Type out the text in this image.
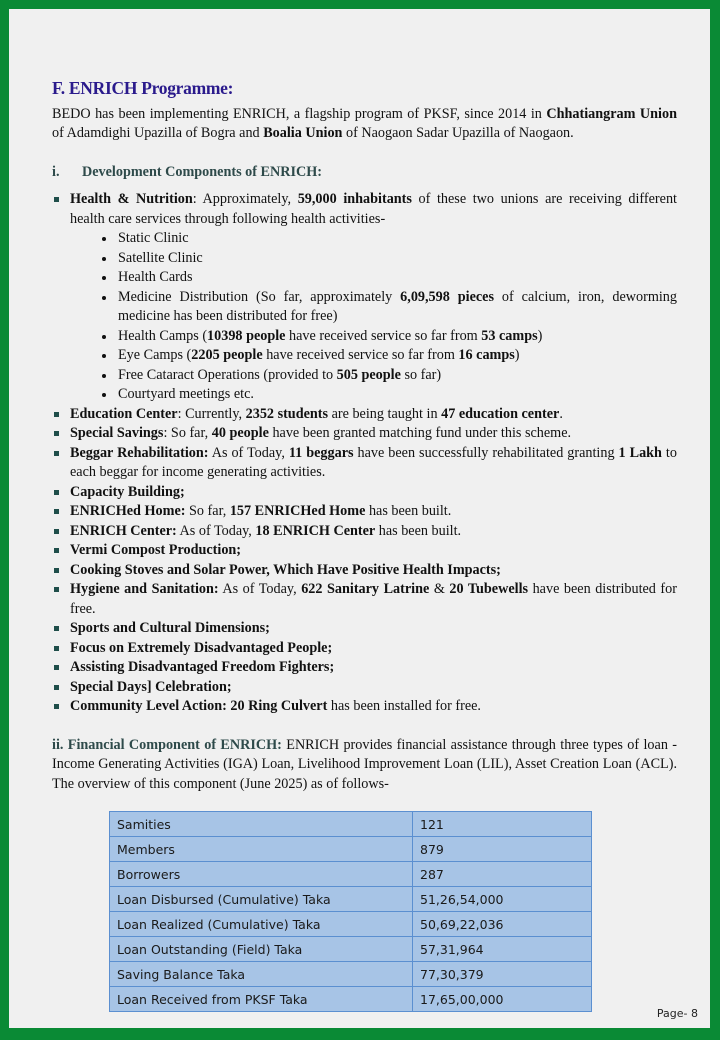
F. ENRICH Programme:

BEDO has been implementing ENRICH, a flagship program of PKSF, since 2014 in Chhatiangram Union of Adamdighi Upazilla of Bogra and Boalia Union of Naogaon Sadar Upazilla of Naogaon.

i.	Development Components of ENRICH:
Health & Nutrition: Approximately, 59,000 inhabitants of these two unions are receiving different health care services through following health activities-
Static Clinic
Satellite Clinic
Health Cards
Medicine Distribution (So far, approximately 6,09,598 pieces of calcium, iron, deworming medicine has been distributed for free)
Health Camps (10398 people have received service so far from 53 camps)
Eye Camps (2205 people have received service so far from 16 camps)
Free Cataract Operations (provided to 505 people so far)
Courtyard meetings etc.
Education Center: Currently, 2352 students are being taught in 47 education center.
Special Savings: So far, 40 people have been granted matching fund under this scheme.
Beggar Rehabilitation: As of Today, 11 beggars have been successfully rehabilitated granting 1 Lakh to each beggar for income generating activities.
Capacity Building;
ENRICHed Home: So far, 157 ENRICHed Home has been built.
ENRICH Center: As of Today, 18 ENRICH Center has been built.
Vermi Compost Production;
Cooking Stoves and Solar Power, Which Have Positive Health Impacts;
Hygiene and Sanitation: As of Today, 622 Sanitary Latrine & 20 Tubewells have been distributed for free.
Sports and Cultural Dimensions;
Focus on Extremely Disadvantaged People;
Assisting Disadvantaged Freedom Fighters;
Special Days] Celebration;
Community Level Action: 20 Ring Culvert has been installed for free.

ii. Financial Component of ENRICH: ENRICH provides financial assistance through three types of loan - Income Generating Activities (IGA) Loan, Livelihood Improvement Loan (LIL), Asset Creation Loan (ACL). The overview of this component (June 2025) as of follows-

Samities	121
Members	879
Borrowers	287
Loan Disbursed (Cumulative) Taka	51,26,54,000
Loan Realized (Cumulative) Taka	50,69,22,036
Loan Outstanding (Field) Taka	57,31,964
Saving Balance Taka	77,30,379
Loan Received from PKSF Taka	17,65,00,000
Page- 8
